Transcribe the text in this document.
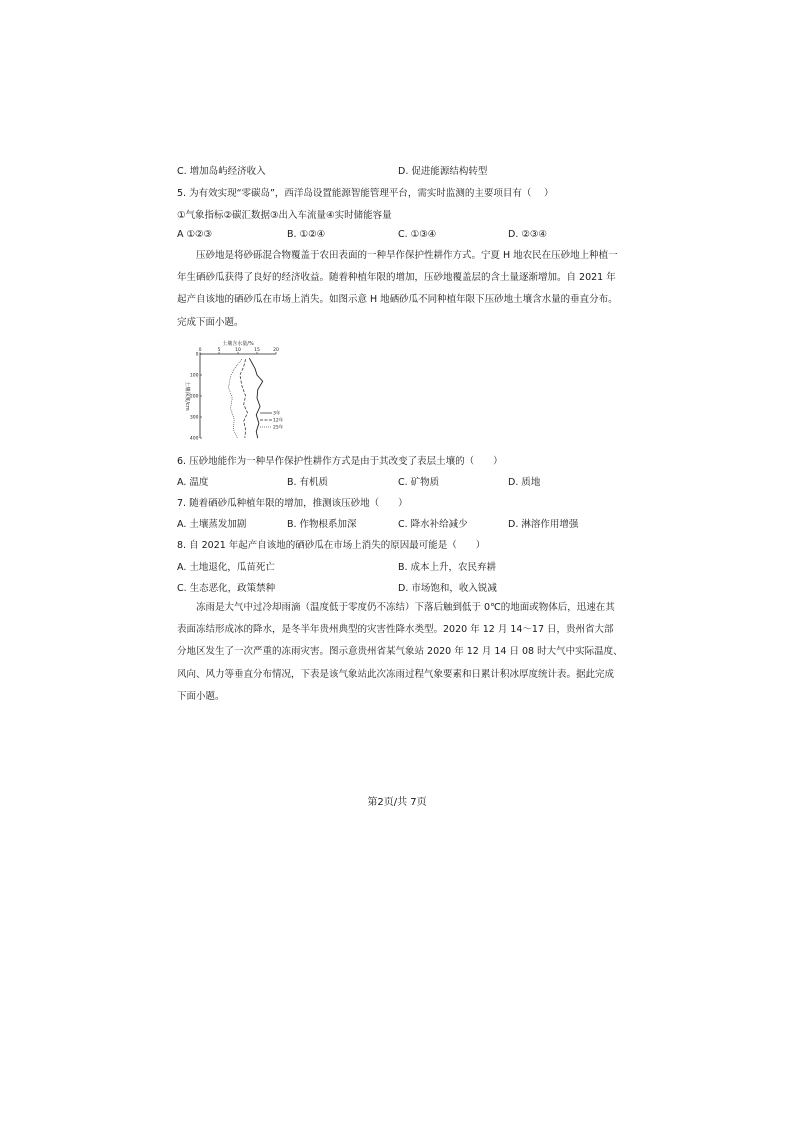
C. 增加岛屿经济收入	D. 促进能源结构转型
5. 为有效实现“零碳岛”，西洋岛设置能源智能管理平台，需实时监测的主要项目有（　 ）
①气象指标②碳汇数据③出入车流量④实时储能容量
A ①②③	B. ①②④	C. ①③④	D. ②③④
压砂地是将砂砾混合物覆盖于农田表面的一种旱作保护性耕作方式。宁夏 H 地农民在压砂地上种植一年生硒砂瓜获得了良好的经济收益。随着种植年限的增加，压砂地覆盖层的含土量逐渐增加。自 2021 年起产自该地的硒砂瓜在市场上消失。如图示意 H 地硒砂瓜不同种植年限下压砂地土壤含水量的垂直分布。完成下面小题。
0	5	10	15	20
0
100
200
300
400
土壤含水量/%
土壤深度/cm
3年
12年
25年
6. 压砂地能作为一种旱作保护性耕作方式是由于其改变了表层土壤的（　　）
A. 温度	B. 有机质	C. 矿物质	D. 质地
7. 随着硒砂瓜种植年限的增加，推测该压砂地（　　）
A. 土壤蒸发加剧	B. 作物根系加深	C. 降水补给减少	D. 淋溶作用增强
8. 自 2021 年起产自该地的硒砂瓜在市场上消失的原因最可能是（　　）
A. 土地退化，瓜苗死亡	B. 成本上升，农民弃耕
C. 生态恶化，政策禁种	D. 市场饱和，收入锐减
冻雨是大气中过冷却雨滴（温度低于零度仍不冻结）下落后触到低于 0℃的地面或物体后，迅速在其表面冻结形成冰的降水，是冬半年贵州典型的灾害性降水类型。2020 年 12 月 14～17 日，贵州省大部分地区发生了一次严重的冻雨灾害。图示意贵州省某气象站 2020 年 12 月 14 日 08 时大气中实际温度、风向、风力等垂直分布情况，下表是该气象站此次冻雨过程气象要素和日累计积冰厚度统计表。据此完成下面小题。
第2页/共 7页
